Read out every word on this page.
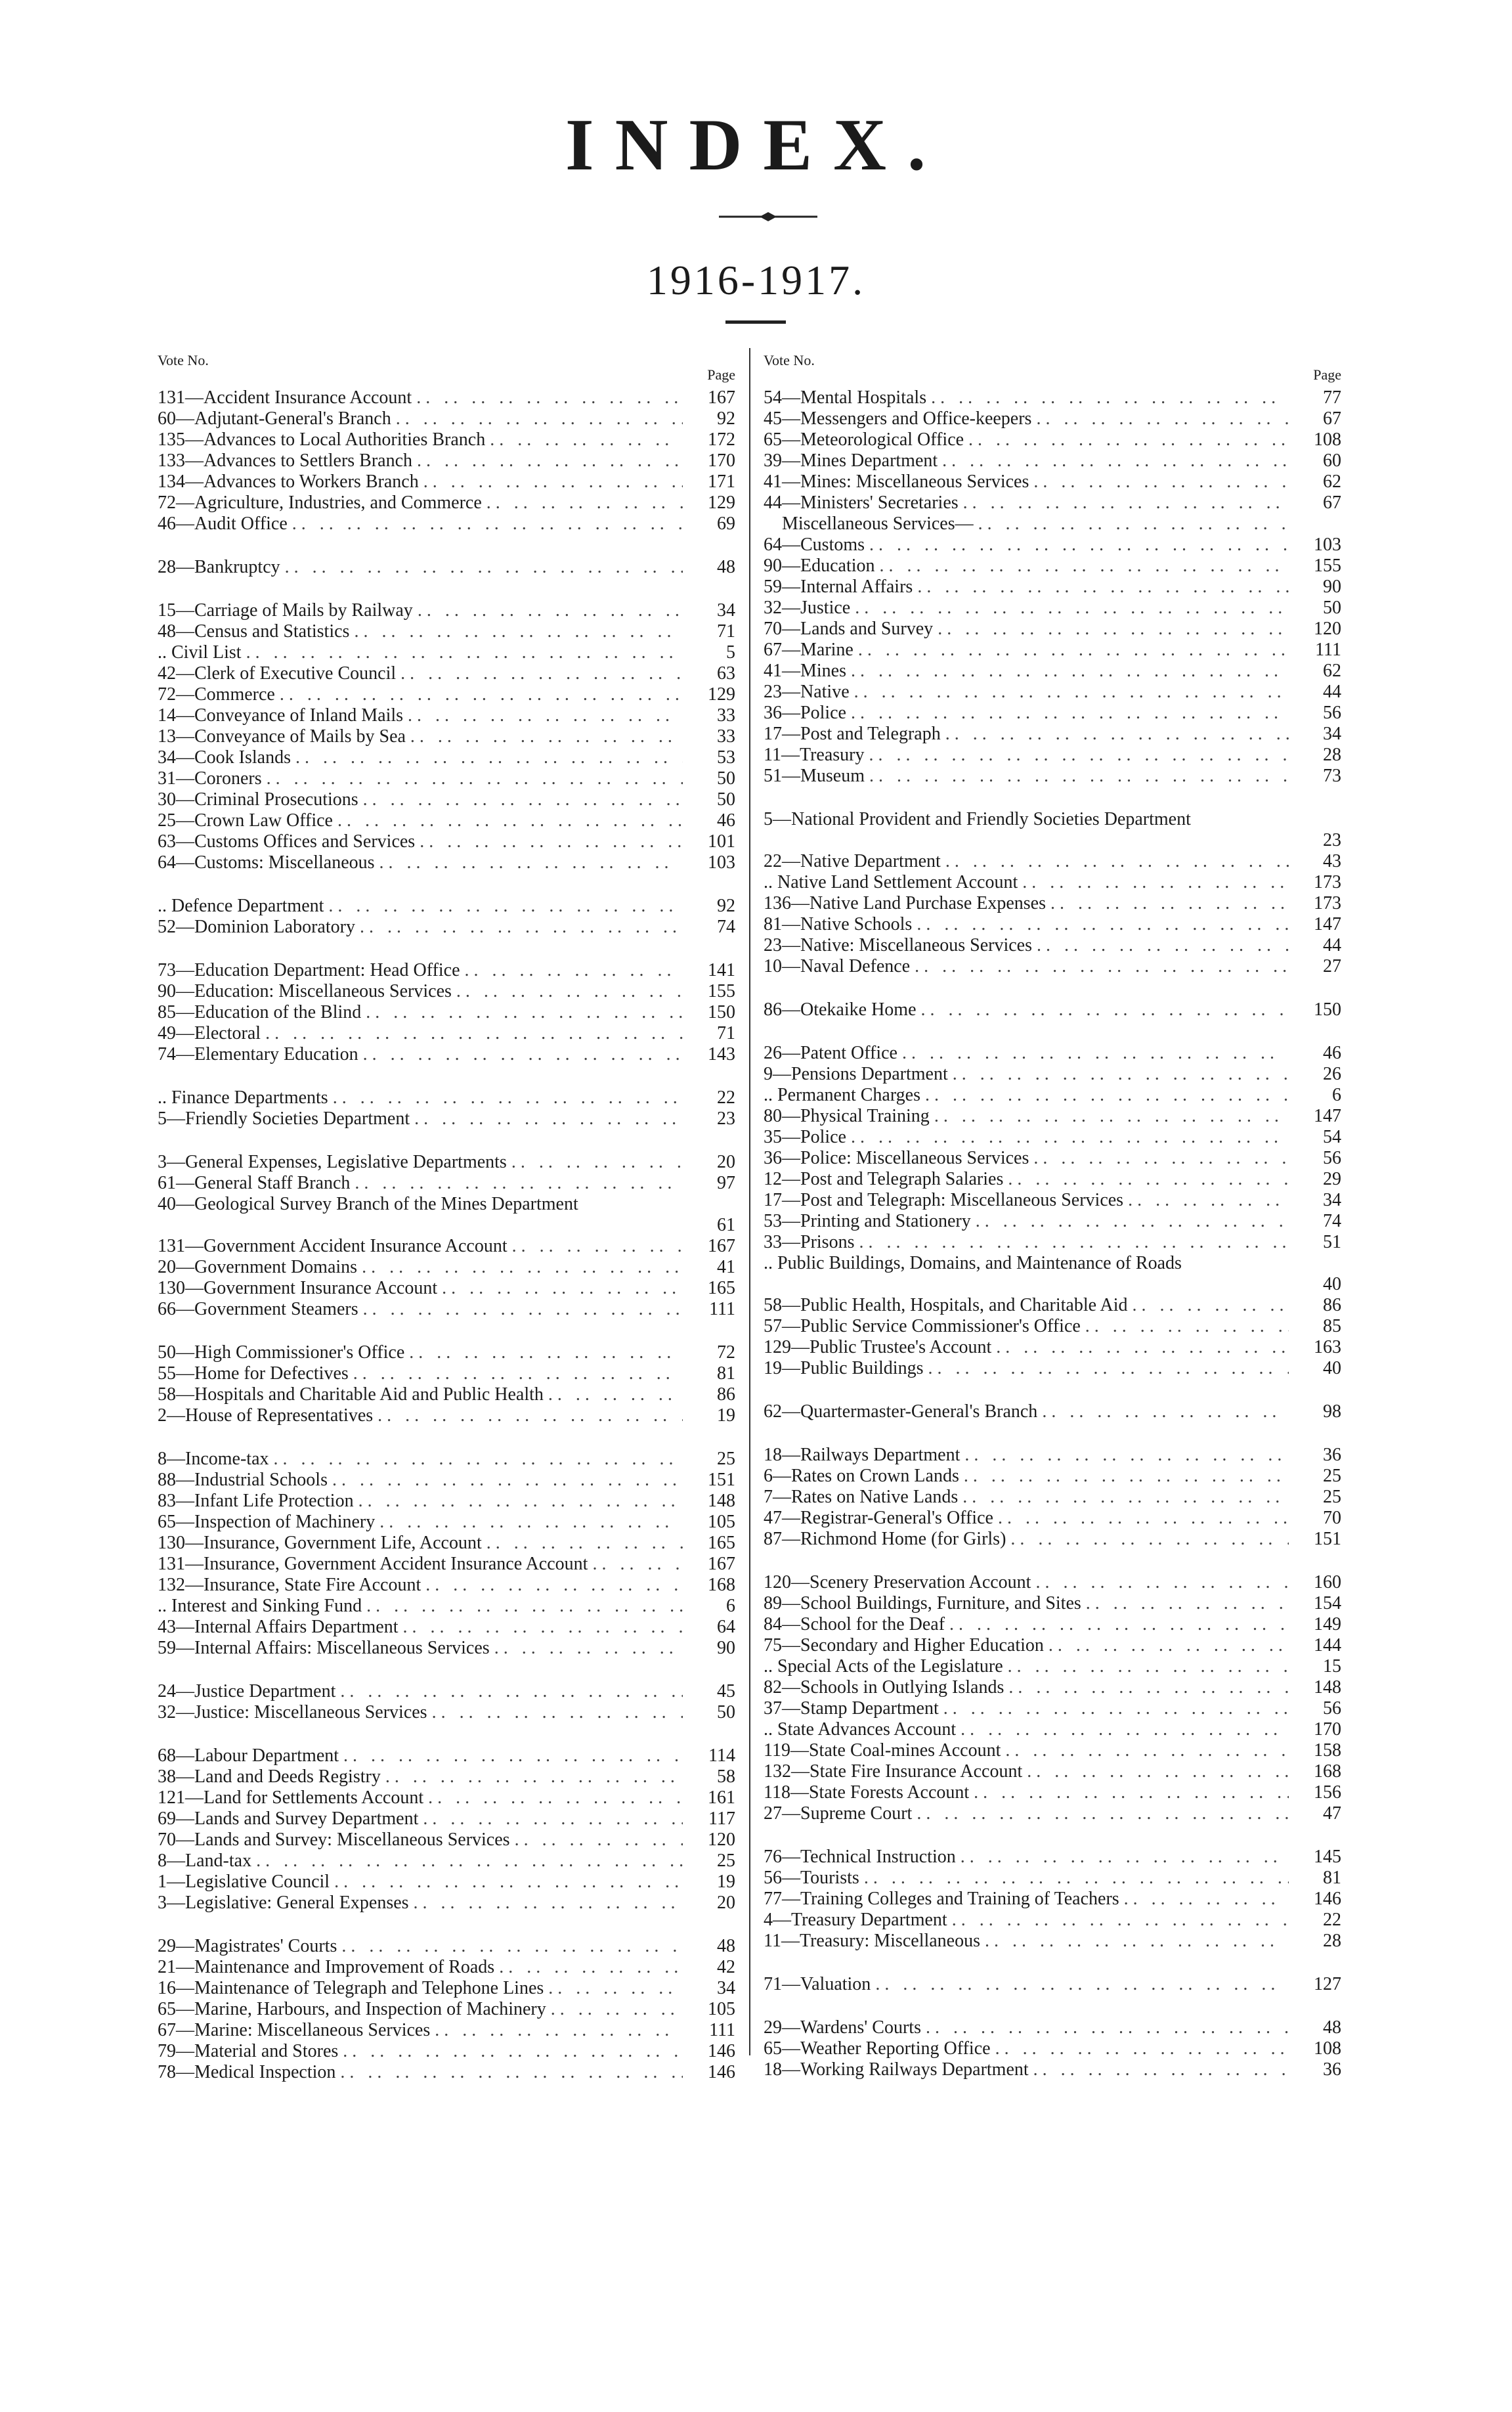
INDEX.
1916-1917.
Vote No.
Page
131—Accident Insurance Account . .	167
60—Adjutant-General's Branch . .	92
135—Advances to Local Authorities Branch . .	172
133—Advances to Settlers Branch . .	170
134—Advances to Workers Branch . .	171
72—Agriculture, Industries, and Commerce . .	129
46—Audit Office . .	69
28—Bankruptcy . .	48
15—Carriage of Mails by Railway . .	34
48—Census and Statistics . .	71
.. Civil List . .	5
42—Clerk of Executive Council . .	63
72—Commerce . .	129
14—Conveyance of Inland Mails . .	33
13—Conveyance of Mails by Sea . .	33
34—Cook Islands . .	53
31—Coroners . .	50
30—Criminal Prosecutions . .	50
25—Crown Law Office . .	46
63—Customs Offices and Services . .	101
64—Customs: Miscellaneous . .	103
.. Defence Department . .	92
52—Dominion Laboratory . .	74
73—Education Department: Head Office . .	141
90—Education: Miscellaneous Services . .	155
85—Education of the Blind . .	150
49—Electoral . .	71
74—Elementary Education . .	143
.. Finance Departments . .	22
5—Friendly Societies Department . .	23
3—General Expenses, Legislative Departments . .	20
61—General Staff Branch . .	97
40—Geological Survey Branch of the Mines Department
61
131—Government Accident Insurance Account . .	167
20—Government Domains . .	41
130—Government Insurance Account . .	165
66—Government Steamers . .	111
50—High Commissioner's Office . .	72
55—Home for Defectives . .	81
58—Hospitals and Charitable Aid and Public Health . .	86
2—House of Representatives . .	19
8—Income-tax . .	25
88—Industrial Schools . .	151
83—Infant Life Protection . .	148
65—Inspection of Machinery . .	105
130—Insurance, Government Life, Account . .	165
131—Insurance, Government Accident Insurance Account . .	167
132—Insurance, State Fire Account . .	168
.. Interest and Sinking Fund . .	6
43—Internal Affairs Department . .	64
59—Internal Affairs: Miscellaneous Services . .	90
24—Justice Department . .	45
32—Justice: Miscellaneous Services . .	50
68—Labour Department . .	114
38—Land and Deeds Registry . .	58
121—Land for Settlements Account . .	161
69—Lands and Survey Department . .	117
70—Lands and Survey: Miscellaneous Services . .	120
8—Land-tax . .	25
1—Legislative Council . .	19
3—Legislative: General Expenses . .	20
29—Magistrates' Courts . .	48
21—Maintenance and Improvement of Roads . .	42
16—Maintenance of Telegraph and Telephone Lines . .	34
65—Marine, Harbours, and Inspection of Machinery . .	105
67—Marine: Miscellaneous Services . .	111
79—Material and Stores . .	146
78—Medical Inspection . .	146
Vote No.
Page
54—Mental Hospitals . .	77
45—Messengers and Office-keepers . .	67
65—Meteorological Office . .	108
39—Mines Department . .	60
41—Mines: Miscellaneous Services . .	62
44—Ministers' Secretaries . .	67
Miscellaneous Services— . .
64—Customs . .	103
90—Education . .	155
59—Internal Affairs . .	90
32—Justice . .	50
70—Lands and Survey . .	120
67—Marine . .	111
41—Mines . .	62
23—Native . .	44
36—Police . .	56
17—Post and Telegraph . .	34
11—Treasury . .	28
51—Museum . .	73
5—National Provident and Friendly Societies Department
23
22—Native Department . .	43
.. Native Land Settlement Account . .	173
136—Native Land Purchase Expenses . .	173
81—Native Schools . .	147
23—Native: Miscellaneous Services . .	44
10—Naval Defence . .	27
86—Otekaike Home . .	150
26—Patent Office . .	46
9—Pensions Department . .	26
.. Permanent Charges . .	6
80—Physical Training . .	147
35—Police . .	54
36—Police: Miscellaneous Services . .	56
12—Post and Telegraph Salaries . .	29
17—Post and Telegraph: Miscellaneous Services . .	34
53—Printing and Stationery . .	74
33—Prisons . .	51
.. Public Buildings, Domains, and Maintenance of Roads
40
58—Public Health, Hospitals, and Charitable Aid . .	86
57—Public Service Commissioner's Office . .	85
129—Public Trustee's Account . .	163
19—Public Buildings . .	40
62—Quartermaster-General's Branch . .	98
18—Railways Department . .	36
6—Rates on Crown Lands . .	25
7—Rates on Native Lands . .	25
47—Registrar-General's Office . .	70
87—Richmond Home (for Girls) . .	151
120—Scenery Preservation Account . .	160
89—School Buildings, Furniture, and Sites . .	154
84—School for the Deaf . .	149
75—Secondary and Higher Education . .	144
.. Special Acts of the Legislature . .	15
82—Schools in Outlying Islands . .	148
37—Stamp Department . .	56
.. State Advances Account . .	170
119—State Coal-mines Account . .	158
132—State Fire Insurance Account . .	168
118—State Forests Account . .	156
27—Supreme Court . .	47
76—Technical Instruction . .	145
56—Tourists . .	81
77—Training Colleges and Training of Teachers . .	146
4—Treasury Department . .	22
11—Treasury: Miscellaneous . .	28
71—Valuation . .	127
29—Wardens' Courts . .	48
65—Weather Reporting Office . .	108
18—Working Railways Department . .	36
